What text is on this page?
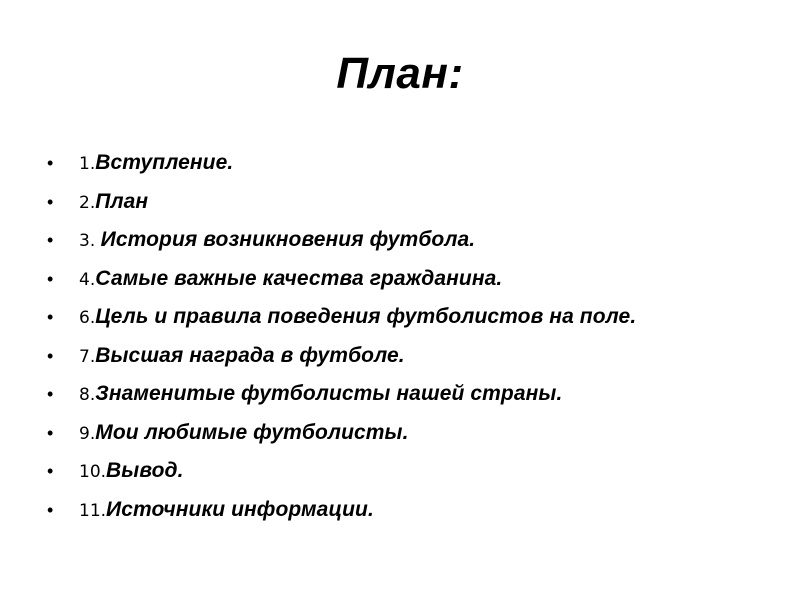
План:
• 1.Вступление.
• 2.План
• 3. История возникновения футбола.
• 4.Самые важные качества гражданина.
• 6.Цель и правила поведения футболистов на поле.
• 7.Высшая награда в футболе.
• 8.Знаменитые футболисты нашей страны.
• 9.Мои любимые футболисты.
• 10.Вывод.
• 11.Источники информации.
